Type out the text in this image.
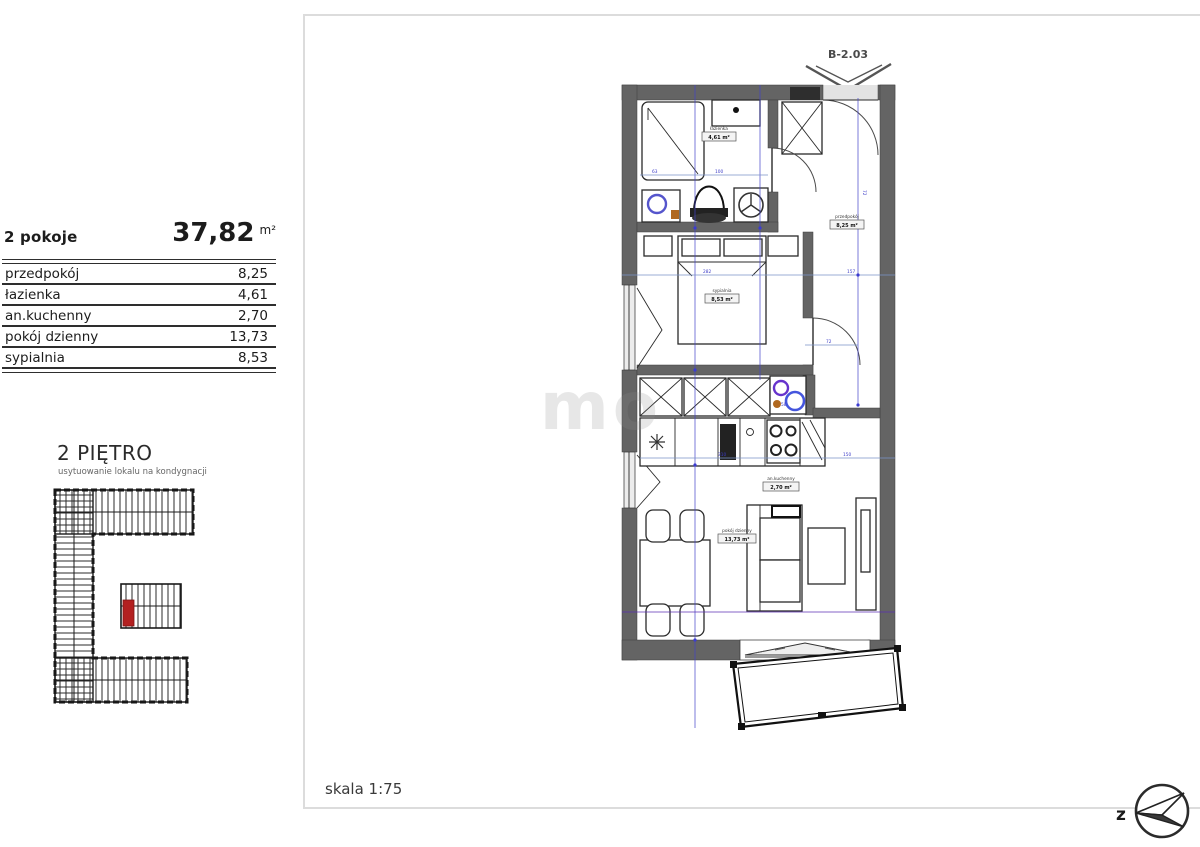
2 pokoje	37,82 m²
przedpokój	8,25
łazienka	4,61
an.kuchenny	2,70
pokój dzienny	13,73
sypialnia	8,53
2 PIĘTRO
usytuowanie lokalu na kondygnacji
mo
B-2.03
63	100
282	157
72
310	150
58
72
łazienka
4,61 m²
przedpokój
8,25 m²
sypialnia
8,53 m²
an.kuchenny
2,70 m²
pokój dzienny
13,73 m²
skala 1:75
z
